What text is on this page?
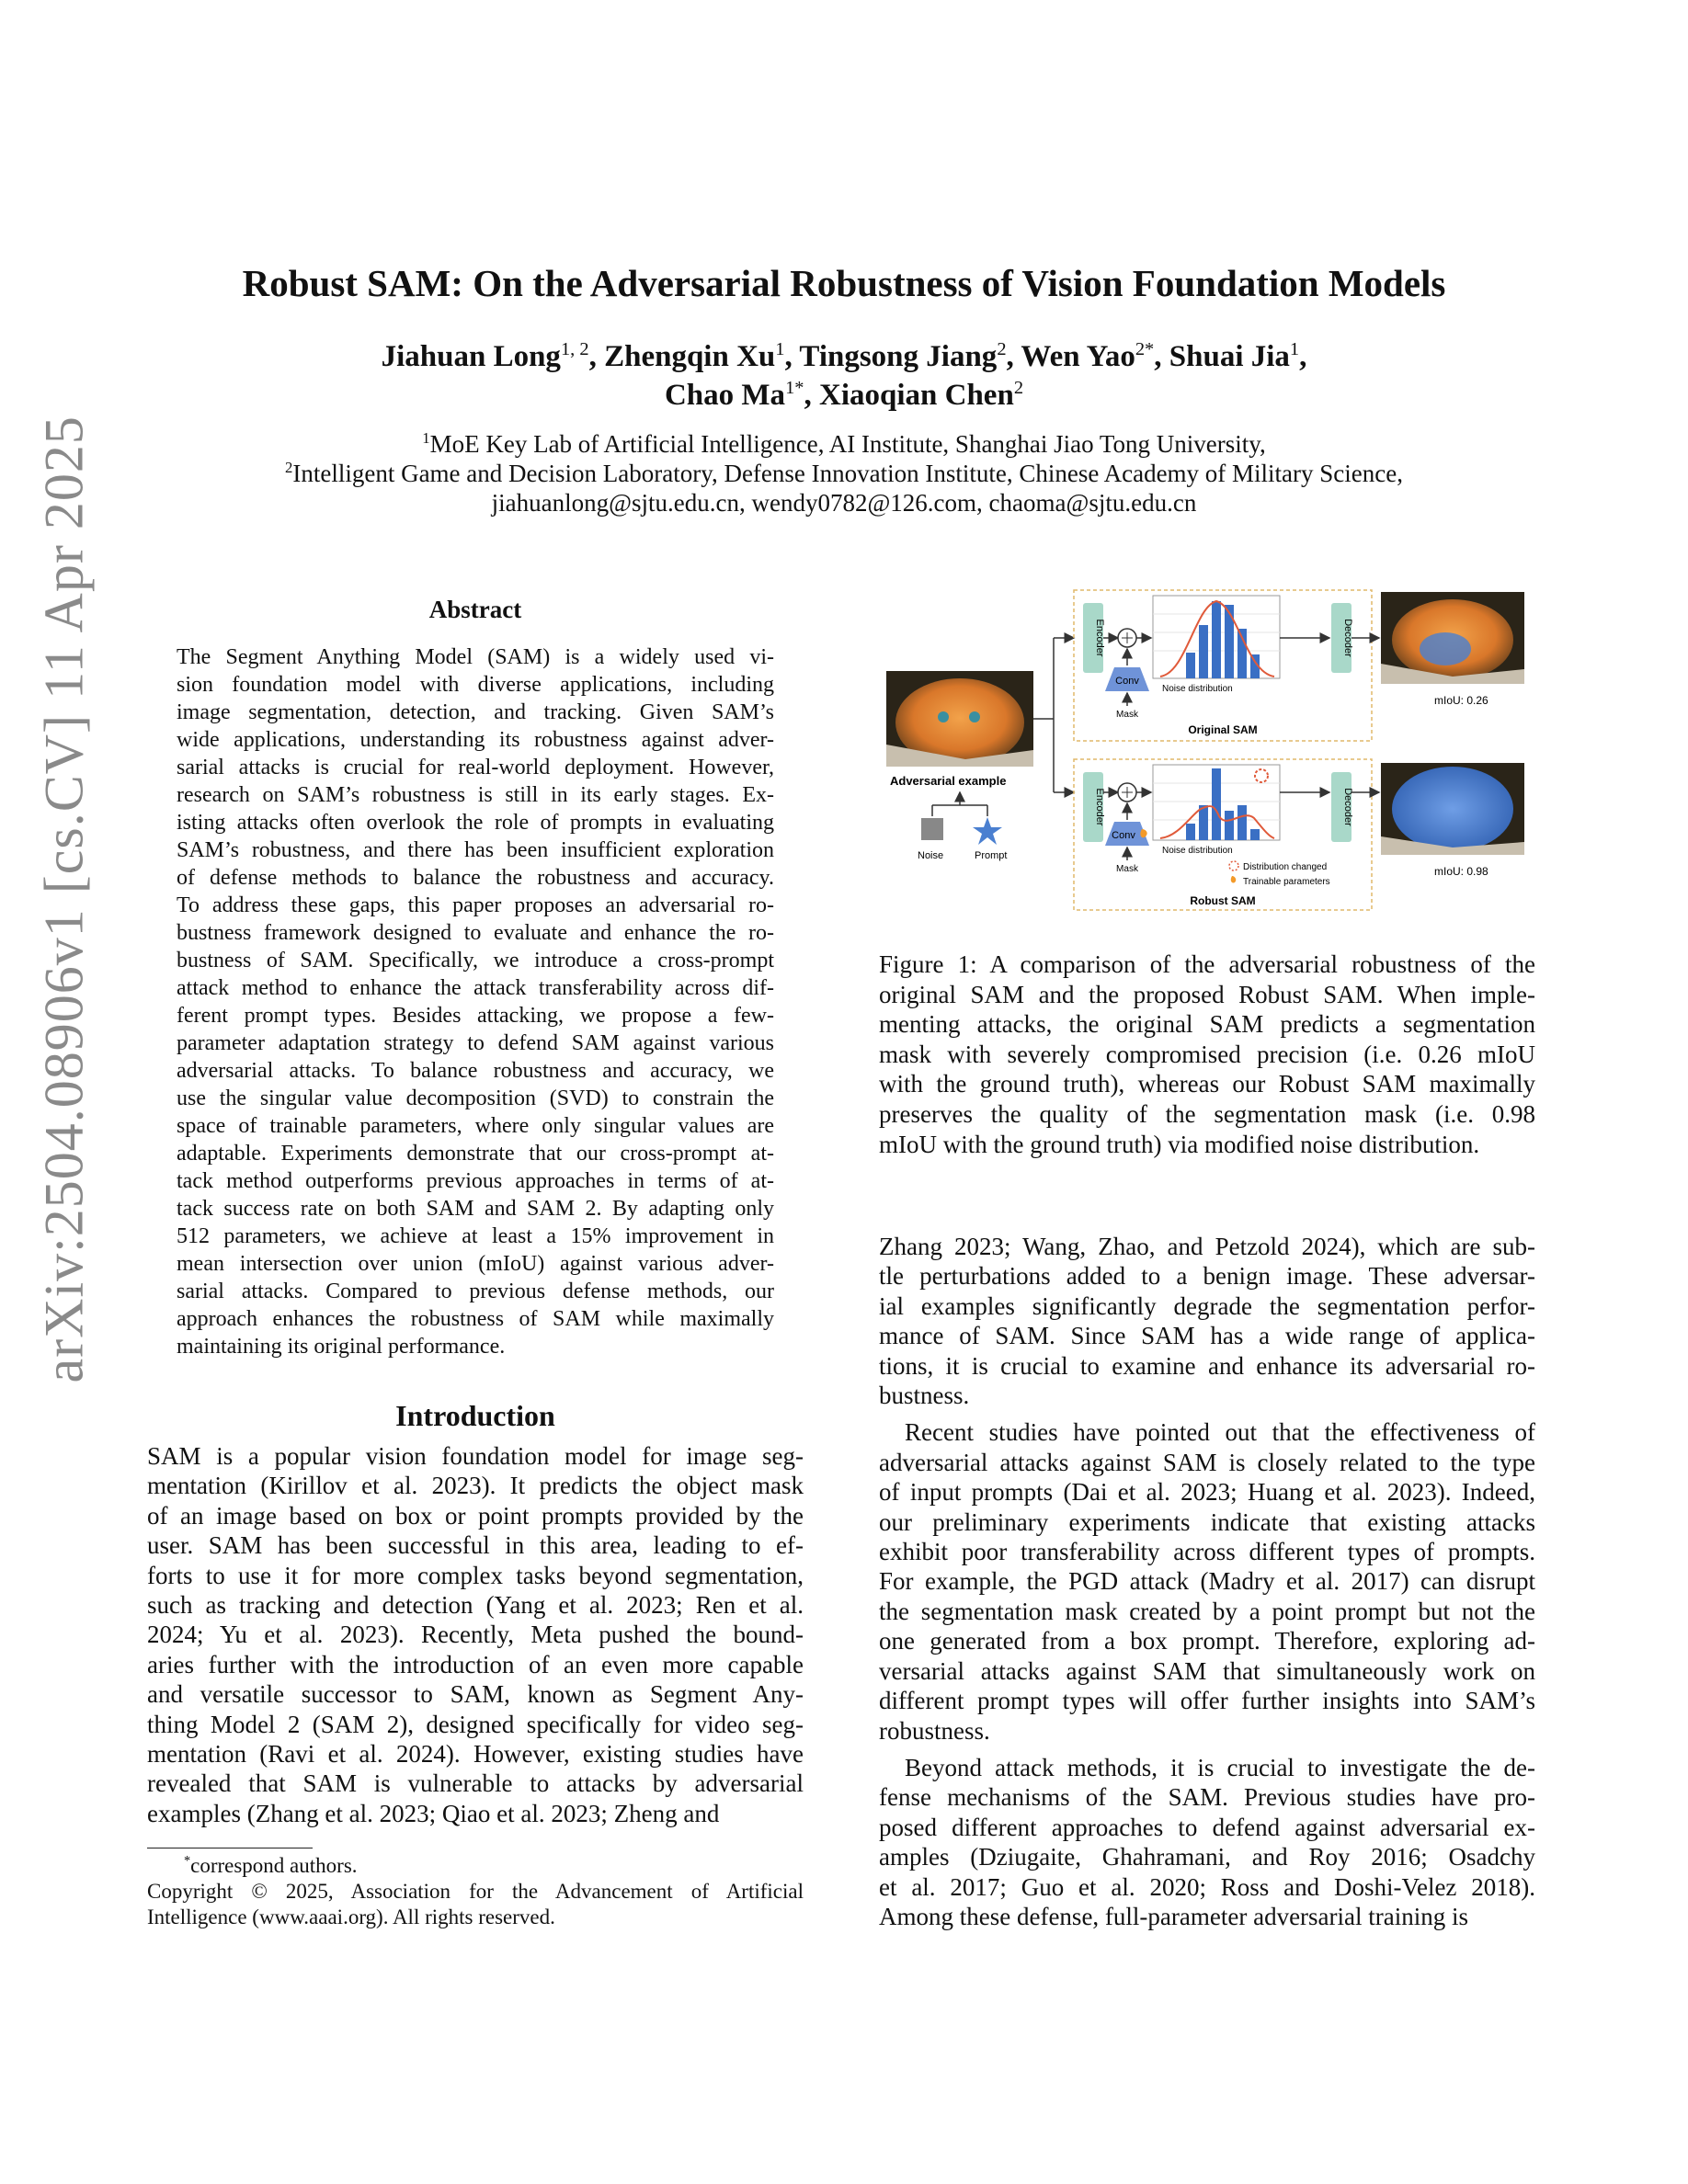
arXiv:2504.08906v1 [cs.CV] 11 Apr 2025
Robust SAM: On the Adversarial Robustness of Vision Foundation Models
Jiahuan Long$^{1, 2}$, Zhengqin Xu$^1$, Tingsong Jiang$^2$, Wen Yao$^{2*}$, Shuai Jia$^1$,
Chao $Ma^{1*}$, Xiaoqian Chen$^2$
$^1$MoE Key Lab of Artificial Intelligence, AI Institute, Shanghai Jiao Tong University,
$^2$Intelligent Game and Decision Laboratory, Defense Innovation Institute, Chinese Academy of Military Science,
jiahuanlong@sjtu.edu.cn, wendy0782@126.com, chaoma@sjtu.edu.cn
Abstract
The Segment Anything Model (SAM) is a widely used vi-
sion foundation model with diverse applications, including
image segmentation, detection, and tracking. Given SAM’s
wide applications, understanding its robustness against adver-
sarial attacks is crucial for real-world deployment. However,
research on SAM’s robustness is still in its early stages. Ex-
isting attacks often overlook the role of prompts in evaluating
SAM’s robustness, and there has been insufficient exploration
of defense methods to balance the robustness and accuracy.
To address these gaps, this paper proposes an adversarial ro-
bustness framework designed to evaluate and enhance the ro-
bustness of SAM. Specifically, we introduce a cross-prompt
attack method to enhance the attack transferability across dif-
ferent prompt types. Besides attacking, we propose a few-
parameter adaptation strategy to defend SAM against various
adversarial attacks. To balance robustness and accuracy, we
use the singular value decomposition (SVD) to constrain the
space of trainable parameters, where only singular values are
adaptable. Experiments demonstrate that our cross-prompt at-
tack method outperforms previous approaches in terms of at-
tack success rate on both SAM and SAM 2. By adapting only
512 parameters, we achieve at least a 15% improvement in
mean intersection over union (mIoU) against various adver-
sarial attacks. Compared to previous defense methods, our
approach enhances the robustness of SAM while maximally
maintaining its original performance.
Introduction
SAM is a popular vision foundation model for image seg-
mentation (Kirillov et al. 2023). It predicts the object mask
of an image based on box or point prompts provided by the
user. SAM has been successful in this area, leading to ef-
forts to use it for more complex tasks beyond segmentation,
such as tracking and detection (Yang et al. 2023; Ren et al.
2024; Yu et al. 2023). Recently, Meta pushed the bound-
aries further with the introduction of an even more capable
and versatile successor to SAM, known as Segment Any-
thing Model 2 (SAM 2), designed specifically for video seg-
mentation (Ravi et al. 2024). However, existing studies have
revealed that SAM is vulnerable to attacks by adversarial
examples (Zhang et al. 2023; Qiao et al. 2023; Zheng and
*correspond authors.
Copyright © 2025, Association for the Advancement of Artificial
Intelligence (www.aaai.org). All rights reserved.
Adversarial example
Noise	Prompt
Encoder
Conv
Mask
Noise distribution
Decoder
Original SAM
mIoU: 0.26
Encoder
Conv
Mask
Noise distribution
Distribution changed
Trainable parameters
Decoder
Robust SAM
mIoU: 0.98
Figure 1: A comparison of the adversarial robustness of the
original SAM and the proposed Robust SAM. When imple-
menting attacks, the original SAM predicts a segmentation
mask with severely compromised precision (i.e. 0.26 mIoU
with the ground truth), whereas our Robust SAM maximally
preserves the quality of the segmentation mask (i.e. 0.98
mIoU with the ground truth) via modified noise distribution.
Zhang 2023; Wang, Zhao, and Petzold 2024), which are sub-
tle perturbations added to a benign image. These adversar-
ial examples significantly degrade the segmentation perfor-
mance of SAM. Since SAM has a wide range of applica-
tions, it is crucial to examine and enhance its adversarial ro-
bustness.
Recent studies have pointed out that the effectiveness of
adversarial attacks against SAM is closely related to the type
of input prompts (Dai et al. 2023; Huang et al. 2023). Indeed,
our preliminary experiments indicate that existing attacks
exhibit poor transferability across different types of prompts.
For example, the PGD attack (Madry et al. 2017) can disrupt
the segmentation mask created by a point prompt but not the
one generated from a box prompt. Therefore, exploring ad-
versarial attacks against SAM that simultaneously work on
different prompt types will offer further insights into SAM’s
robustness.
Beyond attack methods, it is crucial to investigate the de-
fense mechanisms of the SAM. Previous studies have pro-
posed different approaches to defend against adversarial ex-
amples (Dziugaite, Ghahramani, and Roy 2016; Osadchy
et al. 2017; Guo et al. 2020; Ross and Doshi-Velez 2018).
Among these defense, full-parameter adversarial training is
